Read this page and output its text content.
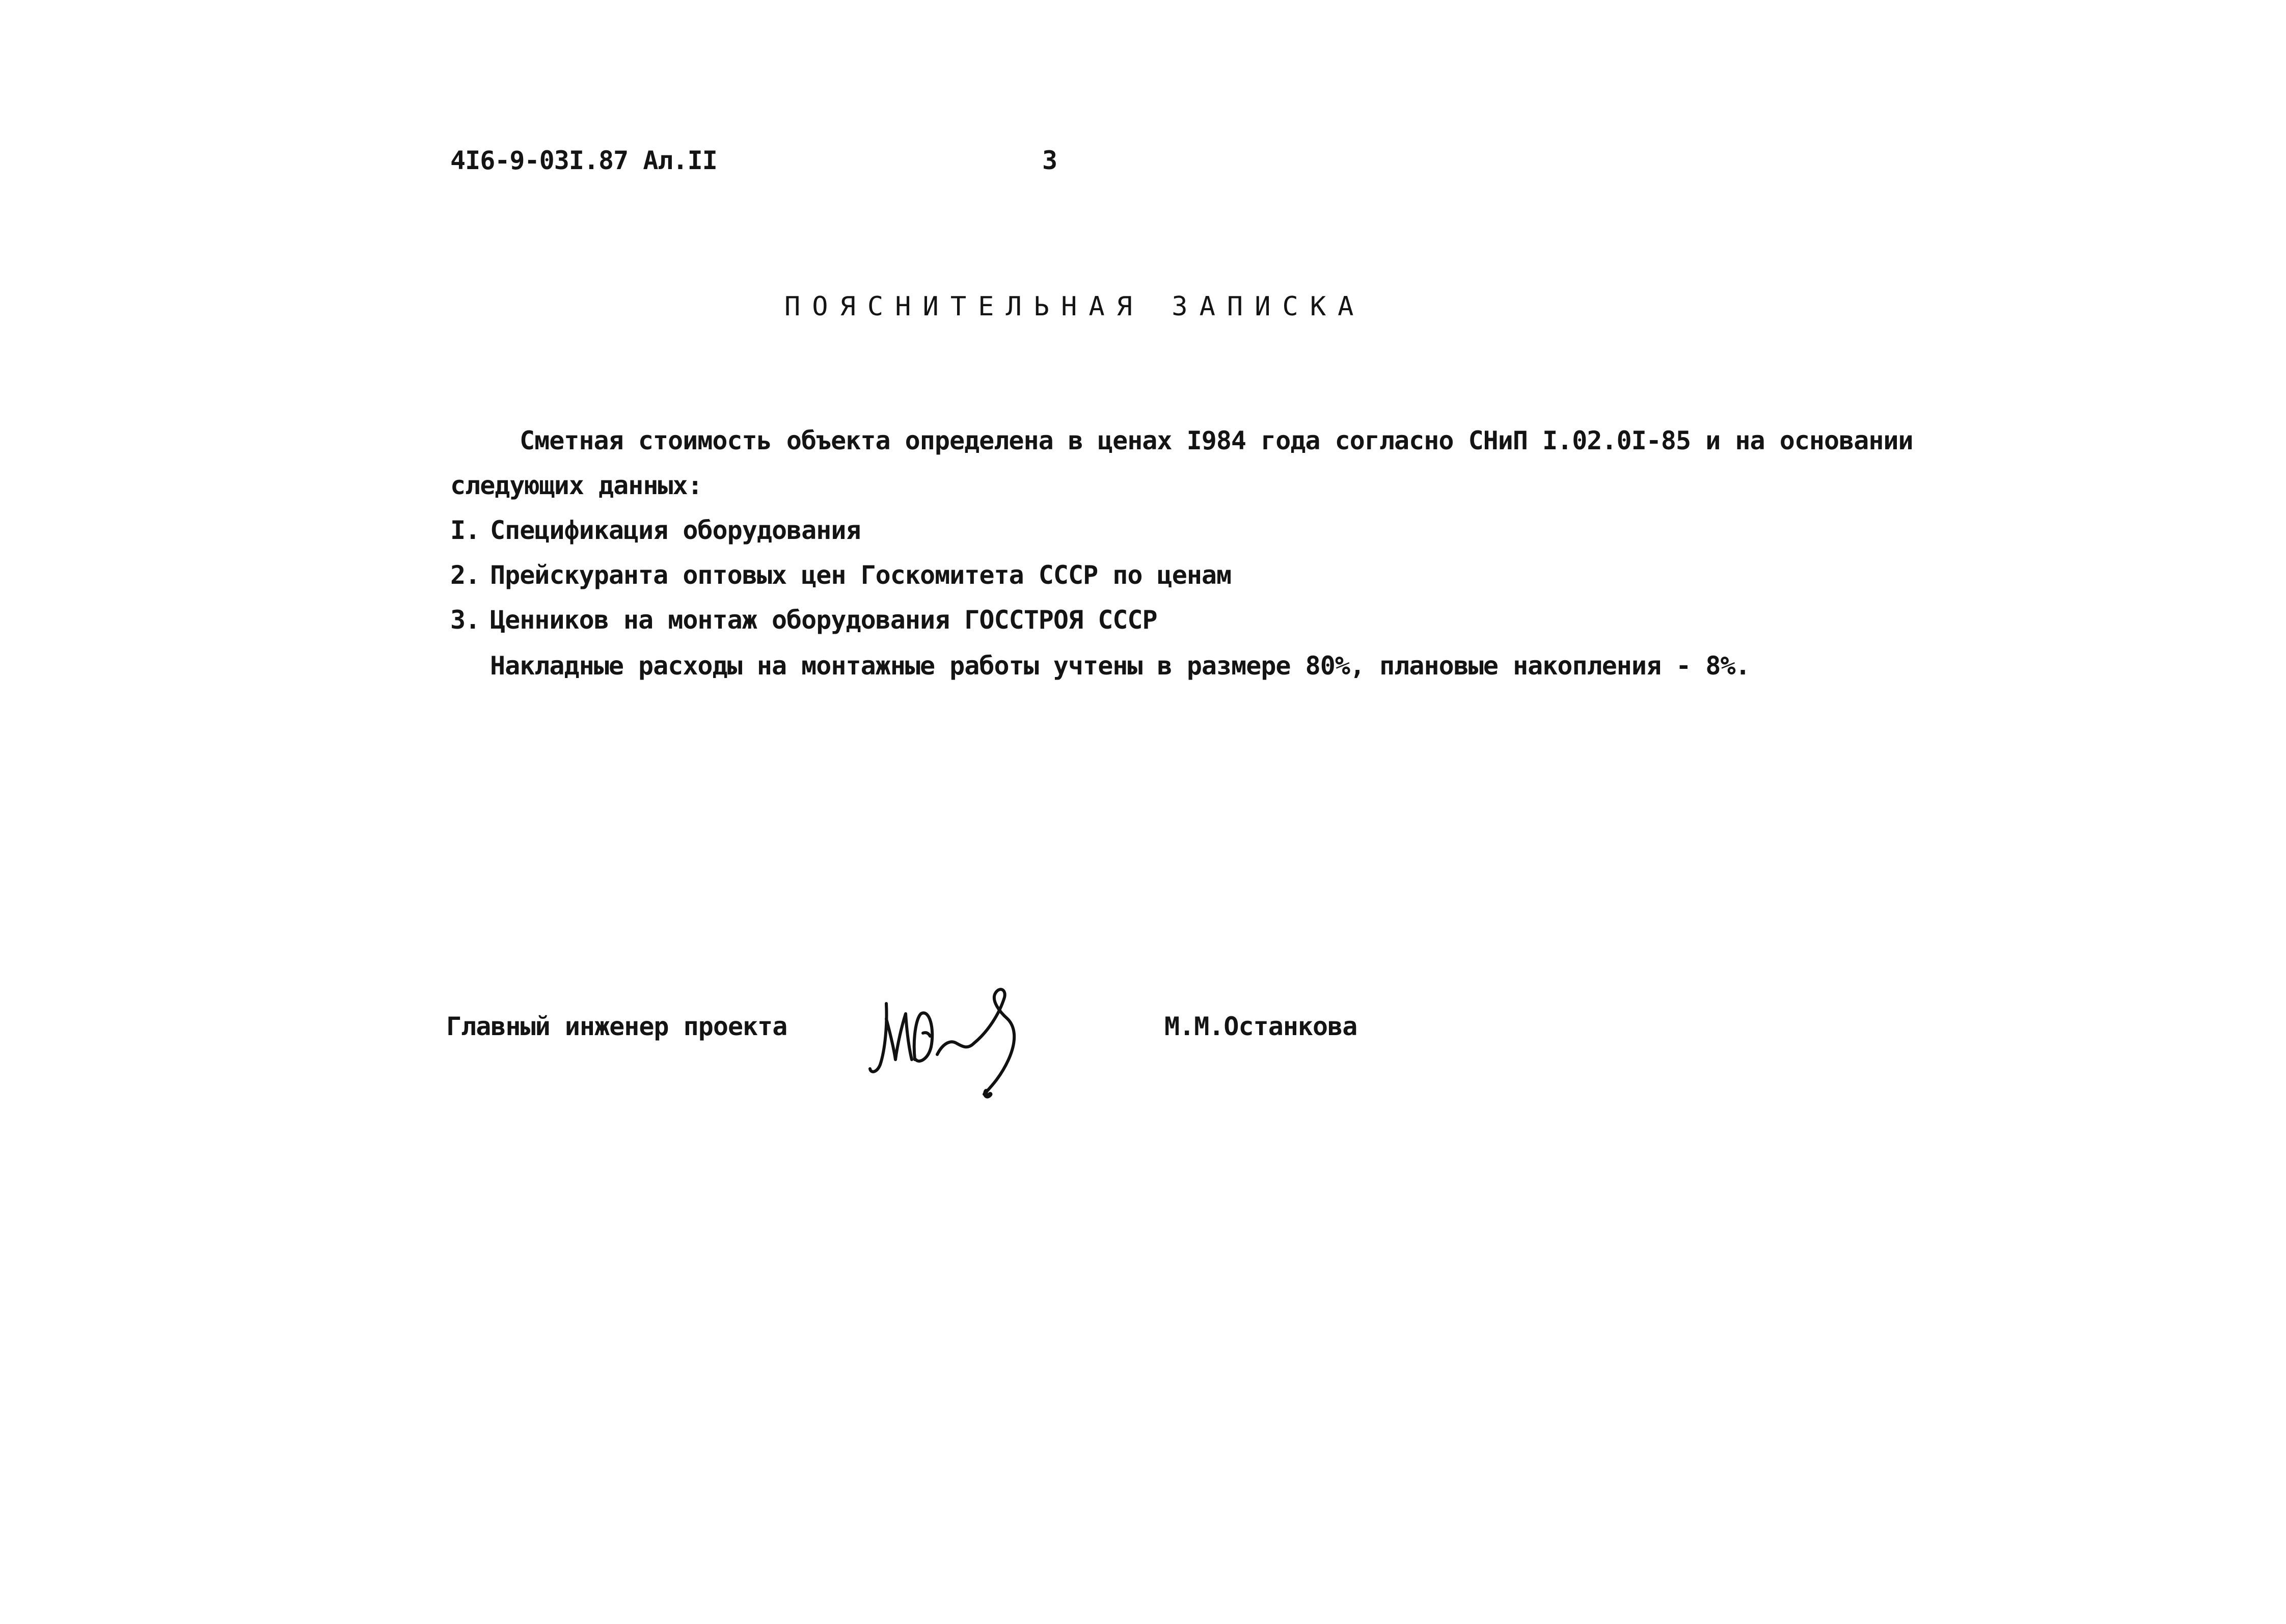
4I6-9-03I.87 Ал.II	3
ПОЯСНИТЕЛЬНАЯ ЗАПИСКА
Сметная стоимость объекта определена в ценах I984 года согласно СНиП I.02.0I-85 и на основании
следующих данных:
I. Спецификация оборудования
2. Прейскуранта оптовых цен Госкомитета СССР по ценам
3. Ценников на монтаж оборудования ГОССТРОЯ СССР
Накладные расходы на монтажные работы учтены в размере 80%, плановые накопления - 8%.
Главный инженер проекта	М.М.Останкова
